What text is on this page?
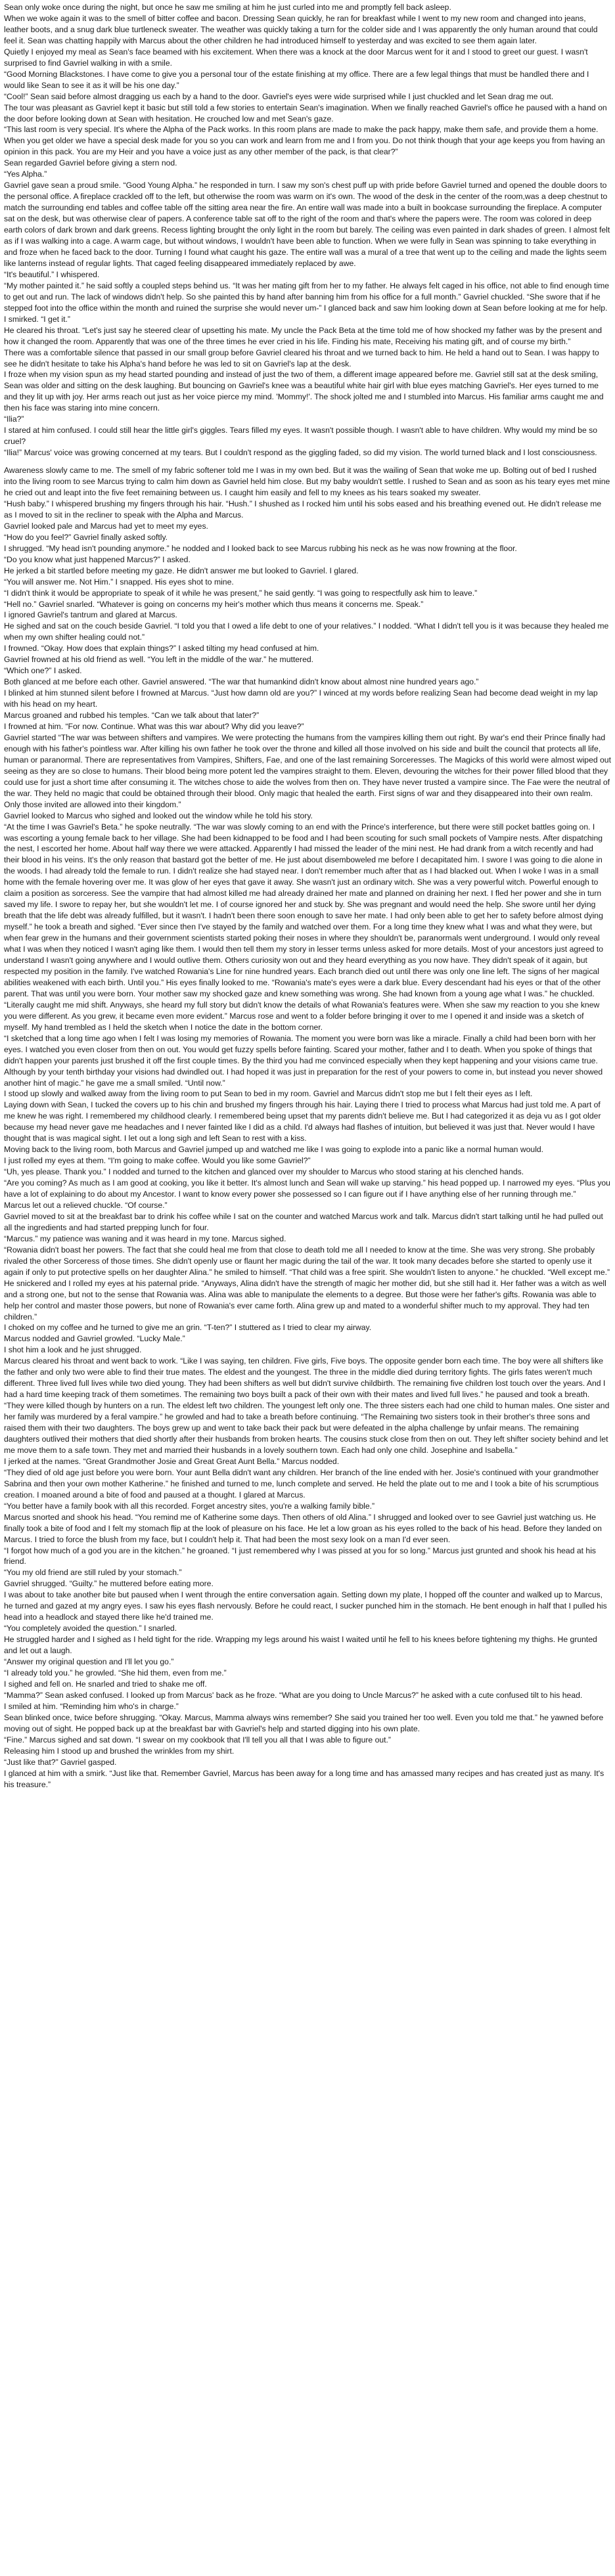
Sean only woke once during the night, but once he saw me smiling at him he just curled into me and promptly fell back asleep.

When we woke again it was to the smell of bitter coffee and bacon. Dressing Sean quickly, he ran for breakfast while I went to my new room and changed into jeans, leather boots, and a snug dark blue turtleneck sweater. The weather was quickly taking a turn for the colder side and I was apparently the only human around that could feel it. Sean was chatting happily with Marcus about the other children he had introduced himself to yesterday and was excited to see them again later.

Quietly I enjoyed my meal as Sean's face beamed with his excitement. When there was a knock at the door Marcus went for it and I stood to greet our guest. I wasn't surprised to find Gavriel walking in with a smile.

“Good Morning Blackstones. I have come to give you a personal tour of the estate finishing at my office. There are a few legal things that must be handled there and I would like Sean to see it as it will be his one day.”

“Cool!” Sean said before almost dragging us each by a hand to the door. Gavriel's eyes were wide surprised while I just chuckled and let Sean drag me out.

The tour was pleasant as Gavriel kept it basic but still told a few stories to entertain Sean's imagination. When we finally reached Gavriel's office he paused with a hand on the door before looking down at Sean with hesitation. He crouched low and met Sean's gaze.

“This last room is very special. It's where the Alpha of the Pack works. In this room plans are made to make the pack happy, make them safe, and provide them a home. When you get older we have a special desk made for you so you can work and learn from me and I from you. Do not think though that your age keeps you from having an opinion in this pack. You are my Heir and you have a voice just as any other member of the pack, is that clear?”

Sean regarded Gavriel before giving a stern nod.

“Yes Alpha.”

Gavriel gave sean a proud smile. “Good Young Alpha.” he responded in turn. I saw my son's chest puff up with pride before Gavriel turned and opened the double doors to the personal office. A fireplace crackled off to the left, but otherwise the room was warm on it's own. The wood of the desk in the center of the room,was a deep chestnut to match the surrounding end tables and coffee table off the sitting area near the fire. An entire wall was made into a built in bookcase surrounding the fireplace. A computer sat on the desk, but was otherwise clear of papers. A conference table sat off to the right of the room and that's where the papers were. The room was colored in deep earth colors of dark brown and dark greens. Recess lighting brought the only light in the room but barely. The ceiling was even painted in dark shades of green. I almost felt as if I was walking into a cage. A warm cage, but without windows, I wouldn't have been able to function. When we were fully in Sean was spinning to take everything in and froze when he faced back to the door. Turning I found what caught his gaze. The entire wall was a mural of a tree that went up to the ceiling and made the lights seem like lanterns instead of regular lights. That caged feeling disappeared immediately replaced by awe.

“It's beautiful.” I whispered.

“My mother painted it.” he said softly a coupled steps behind us. “It was her mating gift from her to my father. He always felt caged in his office, not able to find enough time to get out and run. The lack of windows didn't help. So she painted this by hand after banning him from his office for a full month.” Gavriel chuckled. “She swore that if he stepped foot into the office within the month and ruined the surprise she would never um-” I glanced back and saw him looking down at Sean before looking at me for help.

I smirked. “I get it.”

He cleared his throat. “Let's just say he steered clear of upsetting his mate. My uncle the Pack Beta at the time told me of how shocked my father was by the present and how it changed the room. Apparently that was one of the three times he ever cried in his life. Finding his mate, Receiving his mating gift, and of course my birth.”

There was a comfortable silence that passed in our small group before Gavriel cleared his throat and we turned back to him. He held a hand out to Sean. I was happy to see he didn't hesitate to take his Alpha's hand before he was led to sit on Gavriel's lap at the desk.

I froze when my vision spun as my head started pounding and instead of just the two of them, a different image appeared before me. Gavriel still sat at the desk smiling, Sean was older and sitting on the desk laughing. But bouncing on Gavriel's knee was a beautiful white hair girl with blue eyes matching Gavriel's. Her eyes turned to me and they lit up with joy. Her arms reach out just as her voice pierce my mind. 'Mommy!'. The shock jolted me and I stumbled into Marcus. His familiar arms caught me and then his face was staring into mine concern.

“Ilia?”

I stared at him confused. I could still hear the little girl's giggles. Tears filled my eyes. It wasn't possible though. I wasn't able to have children. Why would my mind be so cruel?

“Ilia!” Marcus' voice was growing concerned at my tears. But I couldn't respond as the giggling faded, so did my vision. The world turned black and I lost consciousness.

Awareness slowly came to me. The smell of my fabric softener told me I was in my own bed. But it was the wailing of Sean that woke me up. Bolting out of bed I rushed into the living room to see Marcus trying to calm him down as Gavriel held him close. But my baby wouldn't settle. I rushed to Sean and as soon as his teary eyes met mine he cried out and leapt into the five feet remaining between us. I caught him easily and fell to my knees as his tears soaked my sweater.

“Hush baby.” I whispered brushing my fingers through his hair. “Hush.” I shushed as I rocked him until his sobs eased and his breathing evened out. He didn't release me as I moved to sit in the recliner to speak with the Alpha and Marcus.

Gavriel looked pale and Marcus had yet to meet my eyes.

“How do you feel?” Gavriel finally asked softly.

I shrugged. “My head isn't pounding anymore.” he nodded and I looked back to see Marcus rubbing his neck as he was now frowning at the floor.

“Do you know what just happened Marcus?” I asked.

He jerked a bit startled before meeting my gaze. He didn't answer me but looked to Gavriel. I glared.

“You will answer me. Not Him.” I snapped. His eyes shot to mine.

“I didn't think it would be appropriate to speak of it while he was present,” he said gently. “I was going to respectfully ask him to leave.”

“Hell no.” Gavriel snarled. “Whatever is going on concerns my heir's mother which thus means it concerns me. Speak.”

I ignored Gavriel's tantrum and glared at Marcus.

He sighed and sat on the couch beside Gavriel. “I told you that I owed a life debt to one of your relatives.” I nodded. “What I didn't tell you is it was because they healed me when my own shifter healing could not.”

I frowned. “Okay. How does that explain things?” I asked tilting my head confused at him.

Gavriel frowned at his old friend as well. “You left in the middle of the war.” he muttered.

“Which one?” I asked.

Both glanced at me before each other. Gavriel answered. “The war that humankind didn't know about almost nine hundred years ago.”

I blinked at him stunned silent before I frowned at Marcus. “Just how damn old are you?” I winced at my words before realizing Sean had become dead weight in my lap with his head on my heart.

Marcus groaned and rubbed his temples. “Can we talk about that later?”

I frowned at him. “For now. Continue. What was this war about? Why did you leave?”

Gavriel started “The war was between shifters and vampires. We were protecting the humans from the vampires killing them out right. By war's end their Prince finally had enough with his father's pointless war. After killing his own father he took over the throne and killed all those involved on his side and built the council that protects all life, human or paranormal. There are representatives from Vampires, Shifters, Fae, and one of the last remaining Sorceresses. The Magicks of this world were almost wiped out seeing as they are so close to humans. Their blood being more potent led the vampires straight to them. Eleven, devouring the witches for their power filled blood that they could use for just a short time after consuming it. The witches chose to aide the wolves from then on. They have never trusted a vampire since. The Fae were the neutral of the war. They held no magic that could be obtained through their blood. Only magic that healed the earth. First signs of war and they disappeared into their own realm. Only those invited are allowed into their kingdom.”

Gavriel looked to Marcus who sighed and looked out the window while he told his story.

“At the time I was Gavriel's Beta.” he spoke neutrally. “The war was slowly coming to an end with the Prince's interference, but there were still pocket battles going on. I was escorting a young female back to her village. She had been kidnapped to be food and I had been scouting for such small pockets of Vampire nests. After dispatching the nest, I escorted her home. About half way there we were attacked. Apparently I had missed the leader of the mini nest. He had drank from a witch recently and had their blood in his veins. It's the only reason that bastard got the better of me. He just about disemboweled me before I decapitated him. I swore I was going to die alone in the woods. I had already told the female to run. I didn't realize she had stayed near. I don't remember much after that as I had blacked out. When I woke I was in a small home with the female hovering over me. It was glow of her eyes that gave it away. She wasn't just an ordinary witch. She was a very powerful witch. Powerful enough to claim a position as sorceress. See the vampire that had almost killed me had already drained her mate and planned on draining her next. I fled her power and she in turn saved my life. I swore to repay her, but she wouldn't let me. I of course ignored her and stuck by. She was pregnant and would need the help. She swore until her dying breath that the life debt was already fulfilled, but it wasn't. I hadn't been there soon enough to save her mate. I had only been able to get her to safety before almost dying myself.” he took a breath and sighed. “Ever since then I've stayed by the family and watched over them. For a long time they knew what I was and what they were, but when fear grew in the humans and their government scientists started poking their noses in where they shouldn't be, paranormals went underground. I would only reveal what I was when they noticed I wasn't aging like them. I would then tell them my story in lesser terms unless asked for more details. Most of your ancestors just agreed to understand I wasn't going anywhere and I would outlive them. Others curiosity won out and they heard everything as you now have. They didn't speak of it again, but respected my position in the family. I've watched Rowania's Line for nine hundred years. Each branch died out until there was only one line left. The signs of her magical abilities weakened with each birth. Until you.” His eyes finally looked to me. “Rowania's mate's eyes were a dark blue. Every descendant had his eyes or that of the other parent. That was until you were born. Your mother saw my shocked gaze and knew something was wrong. She had known from a young age what I was.” he chuckled. “Literally caught me mid shift. Anyways, she heard my full story but didn't know the details of what Rowania's features were. When she saw my reaction to you she knew you were different. As you grew, it became even more evident.” Marcus rose and went to a folder before bringing it over to me I opened it and inside was a sketch of myself. My hand trembled as I held the sketch when I notice the date in the bottom corner.

“I sketched that a long time ago when I felt I was losing my memories of Rowania. The moment you were born was like a miracle. Finally a child had been born with her eyes. I watched you even closer from then on out. You would get fuzzy spells before fainting. Scared your mother, father and I to death. When you spoke of things that didn't happen your parents just brushed it off the first couple times. By the third you had me convinced especially when they kept happening and your visions came true. Although by your tenth birthday your visions had dwindled out. I had hoped it was just in preparation for the rest of your powers to come in, but instead you never showed another hint of magic.” he gave me a small smiled. “Until now.”

I stood up slowly and walked away from the living room to put Sean to bed in my room. Gavriel and Marcus didn't stop me but I felt their eyes as I left.

Laying down with Sean, I tucked the covers up to his chin and brushed my fingers through his hair. Laying there I tried to process what Marcus had just told me. A part of me knew he was right. I remembered my childhood clearly. I remembered being upset that my parents didn't believe me. But I had categorized it as deja vu as I got older because my head never gave me headaches and I never fainted like I did as a child. I'd always had flashes of intuition, but believed it was just that. Never would I have thought that is was magical sight. I let out a long sigh and left Sean to rest with a kiss.

Moving back to the living room, both Marcus and Gavriel jumped up and watched me like I was going to explode into a panic like a normal human would.

I just rolled my eyes at them. “I'm going to make coffee. Would you like some Gavriel?”

“Uh, yes please. Thank you.” I nodded and turned to the kitchen and glanced over my shoulder to Marcus who stood staring at his clenched hands.

“Are you coming? As much as I am good at cooking, you like it better. It's almost lunch and Sean will wake up starving.” his head popped up. I narrowed my eyes. “Plus you have a lot of explaining to do about my Ancestor. I want to know every power she possessed so I can figure out if I have anything else of her running through me.”

Marcus let out a relieved chuckle. “Of course.”

Gavriel moved to sit at the breakfast bar to drink his coffee while I sat on the counter and watched Marcus work and talk. Marcus didn't start talking until he had pulled out all the ingredients and had started prepping lunch for four.

“Marcus.” my patience was waning and it was heard in my tone. Marcus sighed.

“Rowania didn't boast her powers. The fact that she could heal me from that close to death told me all I needed to know at the time. She was very strong. She probably rivaled the other Sorceress of those times. She didn't openly use or flaunt her magic during the tail of the war. It took many decades before she started to openly use it again if only to put protective spells on her daughter Alina.” he smiled to himself. “That child was a free spirit. She wouldn't listen to anyone.” he chuckled. “Well except me.” He snickered and I rolled my eyes at his paternal pride. “Anyways, Alina didn't have the strength of magic her mother did, but she still had it. Her father was a witch as well and a strong one, but not to the sense that Rowania was. Alina was able to manipulate the elements to a degree. But those were her father's gifts. Rowania was able to help her control and master those powers, but none of Rowania's ever came forth. Alina grew up and mated to a wonderful shifter much to my approval. They had ten children.”

I choked on my coffee and he turned to give me an grin. “T-ten?” I stuttered as I tried to clear my airway.

Marcus nodded and Gavriel growled. “Lucky Male.”

I shot him a look and he just shrugged.

Marcus cleared his throat and went back to work. “Like I was saying, ten children. Five girls, Five boys. The opposite gender born each time. The boy were all shifters like the father and only two were able to find their true mates. The eldest and the youngest. The three in the middle died during territory fights. The girls fates weren't much different. Three lived full lives while two died young. They had been shifters as well but didn't survive childbirth. The remaining five children lost touch over the years. And I had a hard time keeping track of them sometimes. The remaining two boys built a pack of their own with their mates and lived full lives.” he paused and took a breath. “They were killed though by hunters on a run. The eldest left two children. The youngest left only one. The three sisters each had one child to human males. One sister and her family was murdered by a feral vampire.” he growled and had to take a breath before continuing. “The Remaining two sisters took in their brother's three sons and raised them with their two daughters. The boys grew up and went to take back their pack but were defeated in the alpha challenge by unfair means. The remaining daughters outlived their mothers that died shortly after their husbands from broken hearts. The cousins stuck close from then on out. They left shifter society behind and let me move them to a safe town. They met and married their husbands in a lovely southern town. Each had only one child. Josephine and Isabella.”

I jerked at the names. “Great Grandmother Josie and Great Great Aunt Bella.” Marcus nodded.

“They died of old age just before you were born. Your aunt Bella didn't want any children. Her branch of the line ended with her. Josie's continued with your grandmother Sabrina and then your own mother Katherine.” he finished and turned to me, lunch complete and served. He held the plate out to me and I took a bite of his scrumptious creation. I moaned around a bite of food and paused at a thought. I glared at Marcus.

“You better have a family book with all this recorded. Forget ancestry sites, you're a walking family bible.”

Marcus snorted and shook his head. “You remind me of Katherine some days. Then others of old Alina.” I shrugged and looked over to see Gavriel just watching us. He finally took a bite of food and I felt my stomach flip at the look of pleasure on his face. He let a low groan as his eyes rolled to the back of his head. Before they landed on Marcus. I tried to force the blush from my face, but I couldn't help it. That had been the most sexy look on a man I'd ever seen.

“I forgot how much of a god you are in the kitchen.” he groaned. “I just remembered why I was pissed at you for so long.” Marcus just grunted and shook his head at his friend.

“You my old friend are still ruled by your stomach.”

Gavriel shrugged. “Guilty.” he muttered before eating more.

I was about to take another bite but paused when I went through the entire conversation again. Setting down my plate, I hopped off the counter and walked up to Marcus, he turned and gazed at my angry eyes. I saw his eyes flash nervously. Before he could react, I sucker punched him in the stomach. He bent enough in half that I pulled his head into a headlock and stayed there like he'd trained me.

“You completely avoided the question.” I snarled.

He struggled harder and I sighed as I held tight for the ride. Wrapping my legs around his waist I waited until he fell to his knees before tightening my thighs. He grunted and let out a laugh.

“Answer my original question and I'll let you go.”

“I already told you.” he growled. “She hid them, even from me.”

I sighed and fell on. He snarled and tried to shake me off.

“Mamma?” Sean asked confused. I looked up from Marcus' back as he froze. “What are you doing to Uncle Marcus?” he asked with a cute confused tilt to his head.

I smiled at him. “Reminding him who's in charge.”

Sean blinked once, twice before shrugging. “Okay. Marcus, Mamma always wins remember? She said you trained her too well. Even you told me that.” he yawned before moving out of sight. He popped back up at the breakfast bar with Gavriel's help and started digging into his own plate.

“Fine.” Marcus sighed and sat down. “I swear on my cookbook that I'll tell you all that I was able to figure out.”

Releasing him I stood up and brushed the wrinkles from my shirt.

“Just like that?” Gavriel gasped.

I glanced at him with a smirk. “Just like that. Remember Gavriel, Marcus has been away for a long time and has amassed many recipes and has created just as many. It's his treasure.”
